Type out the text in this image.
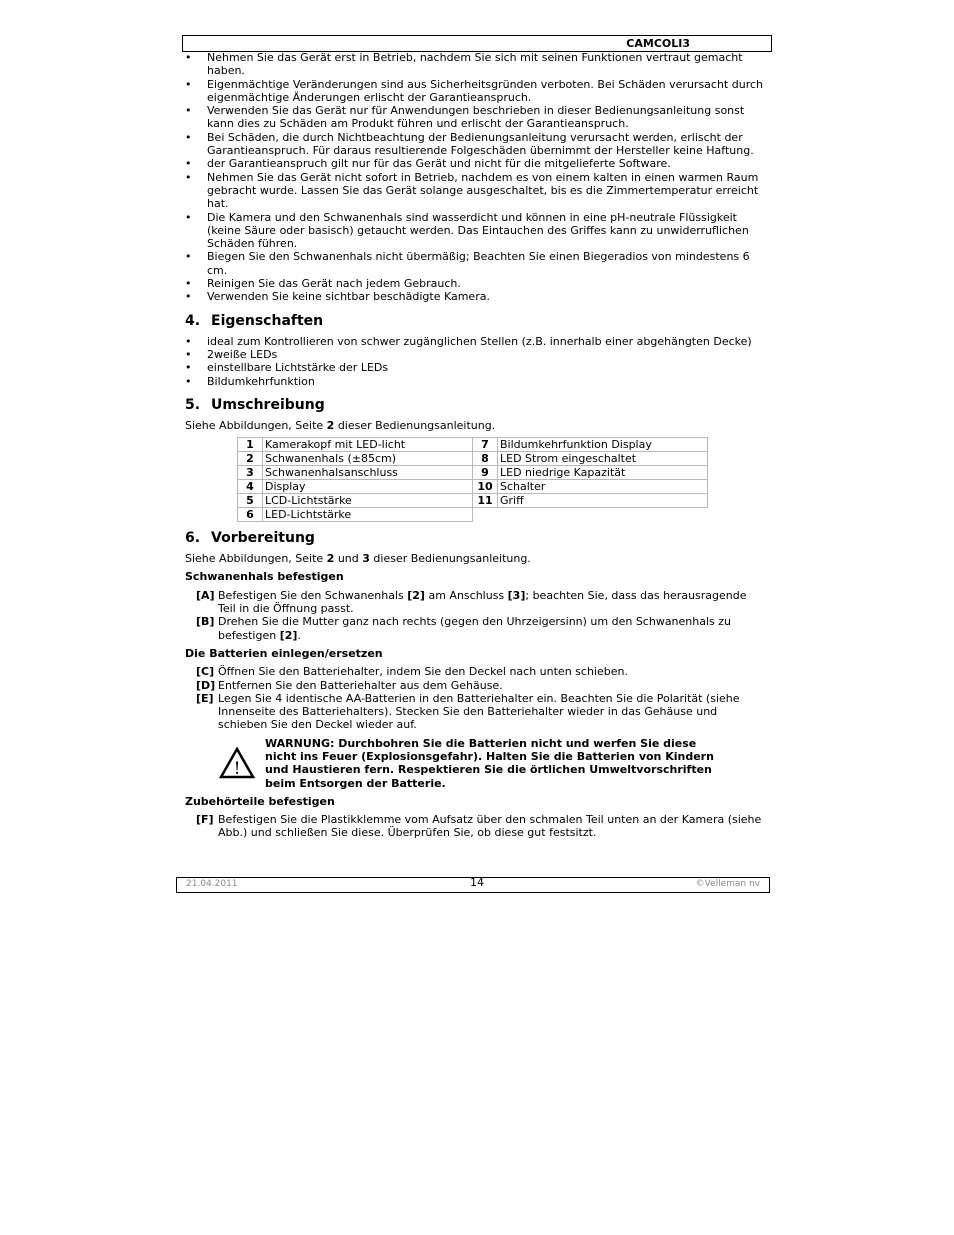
CAMCOLI3
• Nehmen Sie das Gerät erst in Betrieb, nachdem Sie sich mit seinen Funktionen vertraut gemacht haben.
• Eigenmächtige Veränderungen sind aus Sicherheitsgründen verboten. Bei Schäden verursacht durch eigenmächtige Änderungen erlischt der Garantieanspruch.
• Verwenden Sie das Gerät nur für Anwendungen beschrieben in dieser Bedienungsanleitung sonst kann dies zu Schäden am Produkt führen und erlischt der Garantieanspruch.
• Bei Schäden, die durch Nichtbeachtung der Bedienungsanleitung verursacht werden, erlischt der Garantieanspruch. Für daraus resultierende Folgeschäden übernimmt der Hersteller keine Haftung.
• der Garantieanspruch gilt nur für das Gerät und nicht für die mitgelieferte Software.
• Nehmen Sie das Gerät nicht sofort in Betrieb, nachdem es von einem kalten in einen warmen Raum gebracht wurde. Lassen Sie das Gerät solange ausgeschaltet, bis es die Zimmertemperatur erreicht hat.
• Die Kamera und den Schwanenhals sind wasserdicht und können in eine pH-neutrale Flüssigkeit (keine Säure oder basisch) getaucht werden. Das Eintauchen des Griffes kann zu unwiderruflichen Schäden führen.
• Biegen Sie den Schwanenhals nicht übermäßig; Beachten Sie einen Biegeradios von mindestens 6 cm.
• Reinigen Sie das Gerät nach jedem Gebrauch.
• Verwenden Sie keine sichtbar beschädigte Kamera.
4. Eigenschaften
• ideal zum Kontrollieren von schwer zugänglichen Stellen (z.B. innerhalb einer abgehängten Decke)
• 2weiße LEDs
• einstellbare Lichtstärke der LEDs
• Bildumkehrfunktion
5. Umschreibung

Siehe Abbildungen, Seite 2 dieser Bedienungsanleitung.

1	Kamerakopf mit LED-licht	7	Bildumkehrfunktion Display
2	Schwanenhals (±85cm)	8	LED Strom eingeschaltet
3	Schwanenhalsanschluss	9	LED niedrige Kapazität
4	Display	10	Schalter
5	LCD-Lichtstärke	11	Griff
6	LED-Lichtstärke		
6. Vorbereitung

Siehe Abbildungen, Seite 2 und 3 dieser Bedienungsanleitung.

Schwanenhals befestigen
[A] Befestigen Sie den Schwanenhals [2] am Anschluss [3]; beachten Sie, dass das herausragende Teil in die Öffnung passt.
[B] Drehen Sie die Mutter ganz nach rechts (gegen den Uhrzeigersinn) um den Schwanenhals zu befestigen [2].
Die Batterien einlegen/ersetzen
[C] Öffnen Sie den Batteriehalter, indem Sie den Deckel nach unten schieben.
[D] Entfernen Sie den Batteriehalter aus dem Gehäuse.
[E] Legen Sie 4 identische AA-Batterien in den Batteriehalter ein. Beachten Sie die Polarität (siehe Innenseite des Batteriehalters). Stecken Sie den Batteriehalter wieder in das Gehäuse und schieben Sie den Deckel wieder auf.
!
WARNUNG: Durchbohren Sie die Batterien nicht und werfen Sie diese nicht ins Feuer (Explosionsgefahr). Halten Sie die Batterien von Kindern und Haustieren fern. Respektieren Sie die örtlichen Umweltvorschriften beim Entsorgen der Batterie.
Zubehörteile befestigen
[F] Befestigen Sie die Plastikklemme vom Aufsatz über den schmalen Teil unten an der Kamera (siehe Abb.) und schließen Sie diese. Überprüfen Sie, ob diese gut festsitzt.
21.04.2011	14	©Velleman nv
